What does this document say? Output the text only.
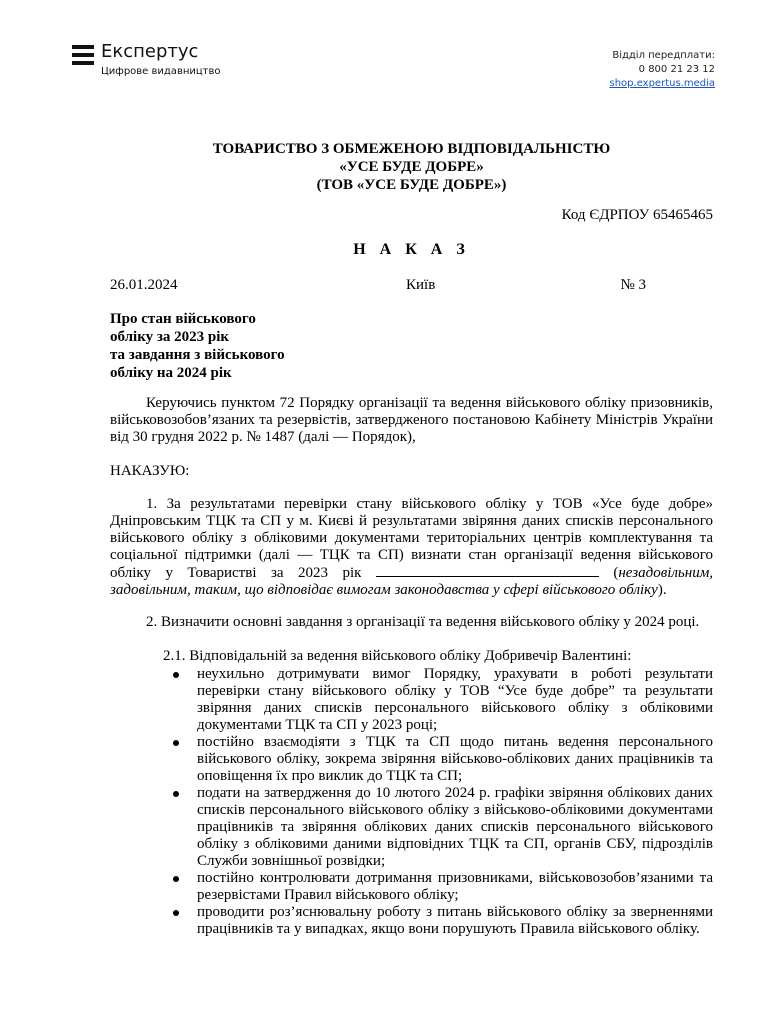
Експертус
Цифрове видавництво
Відділ передплати:
0 800 21 23 12
shop.expertus.media
ТОВАРИСТВО З ОБМЕЖЕНОЮ ВІДПОВІДАЛЬНІСТЮ
«УСЕ БУДЕ ДОБРЕ»
(ТОВ «УСЕ БУДЕ ДОБРЕ»)
Код ЄДРПОУ 65465465
Н А К А З
26.01.2024	Київ	№ 3
Про стан військового
обліку за 2023 рік
та завдання з військового
обліку на 2024 рік
Керуючись пунктом 72 Порядку організації та ведення військового обліку призовників, військовозобов’язаних та резервістів, затвердженого постановою Кабінету Міністрів України від 30 грудня 2022 р. № 1487 (далі — Порядок),
НАКАЗУЮ:
1. За результатами перевірки стану військового обліку у ТОВ «Усе буде добре» Дніпровським ТЦК та СП у м. Києві й результатами звіряння даних списків персонального військового обліку з обліковими документами територіальних центрів комплектування та соціальної підтримки (далі — ТЦК та СП) визнати стан організації ведення військового обліку у Товаристві за 2023 рік	(незадовільним, задовільним, таким, що відповідає вимогам законодавства у сфері військового обліку).
2. Визначити основні завдання з організації та ведення військового обліку у 2024 році.
2.1. Відповідальній за ведення військового обліку Добривечір Валентині:
неухильно дотримувати вимог Порядку, урахувати в роботі результати перевірки стану військового обліку у ТОВ “Усе буде добре” та результати звіряння даних списків персонального військового обліку з обліковими документами ТЦК та СП у 2023 році;
постійно взаємодіяти з ТЦК та СП щодо питань ведення персонального військового обліку, зокрема звіряння військово-облікових даних працівників та оповіщення їх про виклик до ТЦК та СП;
подати на затвердження до 10 лютого 2024 р. графіки звіряння облікових даних списків персонального військового обліку з військово-обліковими документами працівників та звіряння облікових даних списків персонального військового обліку з обліковими даними відповідних ТЦК та СП, органів СБУ, підрозділів Служби зовнішньої розвідки;
постійно контролювати дотримання призовниками, військовозобов’язаними та резервістами Правил військового обліку;
проводити роз’яснювальну роботу з питань військового обліку за зверненнями працівників та у випадках, якщо вони порушують Правила військового обліку.
